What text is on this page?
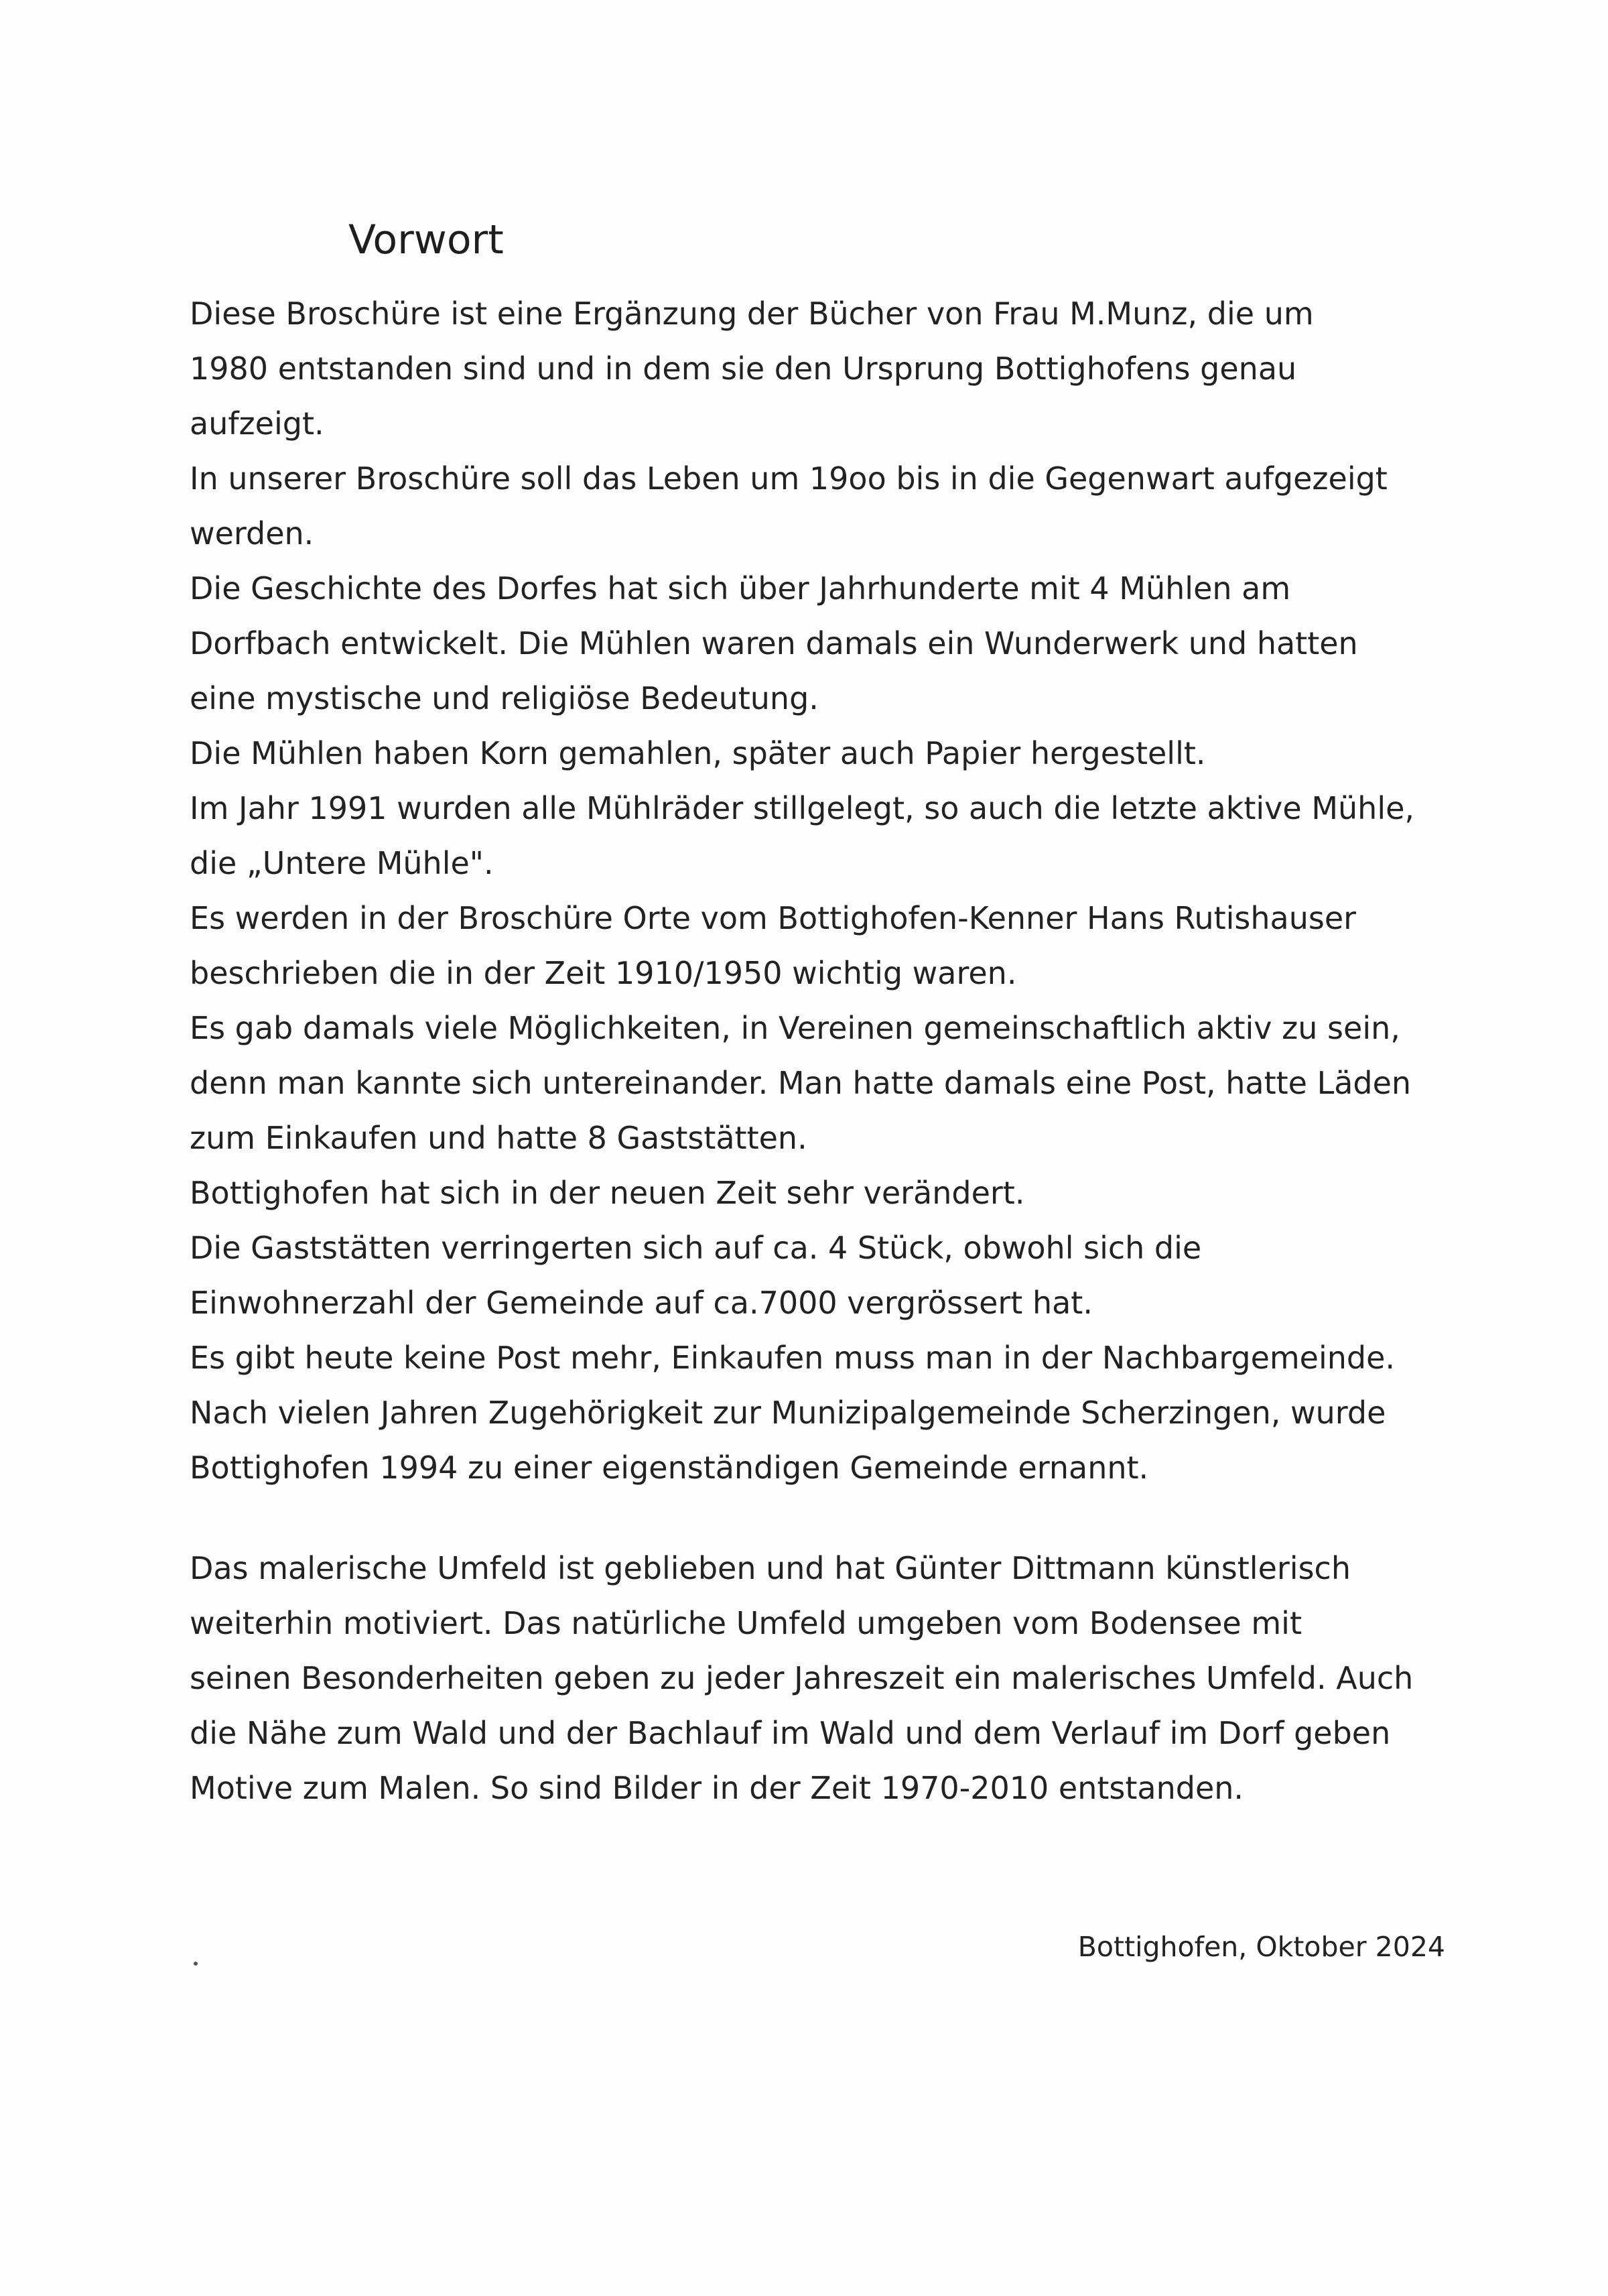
Vorwort
Diese Broschüre ist eine Ergänzung der Bücher von Frau M.Munz, die um
1980 entstanden sind und in dem sie den Ursprung Bottighofens genau
aufzeigt.
In unserer Broschüre soll das Leben um 19oo bis in die Gegenwart aufgezeigt
werden.
Die Geschichte des Dorfes hat sich über Jahrhunderte mit 4 Mühlen am
Dorfbach entwickelt. Die Mühlen waren damals ein Wunderwerk und hatten
eine mystische und religiöse Bedeutung.
Die Mühlen haben Korn gemahlen, später auch Papier hergestellt.
Im Jahr 1991 wurden alle Mühlräder stillgelegt, so auch die letzte aktive Mühle,
die „Untere Mühle".
Es werden in der Broschüre Orte vom Bottighofen-Kenner Hans Rutishauser
beschrieben die in der Zeit 1910/1950 wichtig waren.
Es gab damals viele Möglichkeiten, in Vereinen gemeinschaftlich aktiv zu sein,
denn man kannte sich untereinander. Man hatte damals eine Post, hatte Läden
zum Einkaufen und hatte 8 Gaststätten.
Bottighofen hat sich in der neuen Zeit sehr verändert.
Die Gaststätten verringerten sich auf ca. 4 Stück, obwohl sich die
Einwohnerzahl der Gemeinde auf ca.7000 vergrössert hat.
Es gibt heute keine Post mehr, Einkaufen muss man in der Nachbargemeinde.
Nach vielen Jahren Zugehörigkeit zur Munizipalgemeinde Scherzingen, wurde
Bottighofen 1994 zu einer eigenständigen Gemeinde ernannt.
Das malerische Umfeld ist geblieben und hat Günter Dittmann künstlerisch
weiterhin motiviert. Das natürliche Umfeld umgeben vom Bodensee mit
seinen Besonderheiten geben zu jeder Jahreszeit ein malerisches Umfeld. Auch
die Nähe zum Wald und der Bachlauf im Wald und dem Verlauf im Dorf geben
Motive zum Malen. So sind Bilder in der Zeit 1970-2010 entstanden.
Bottighofen, Oktober 2024
